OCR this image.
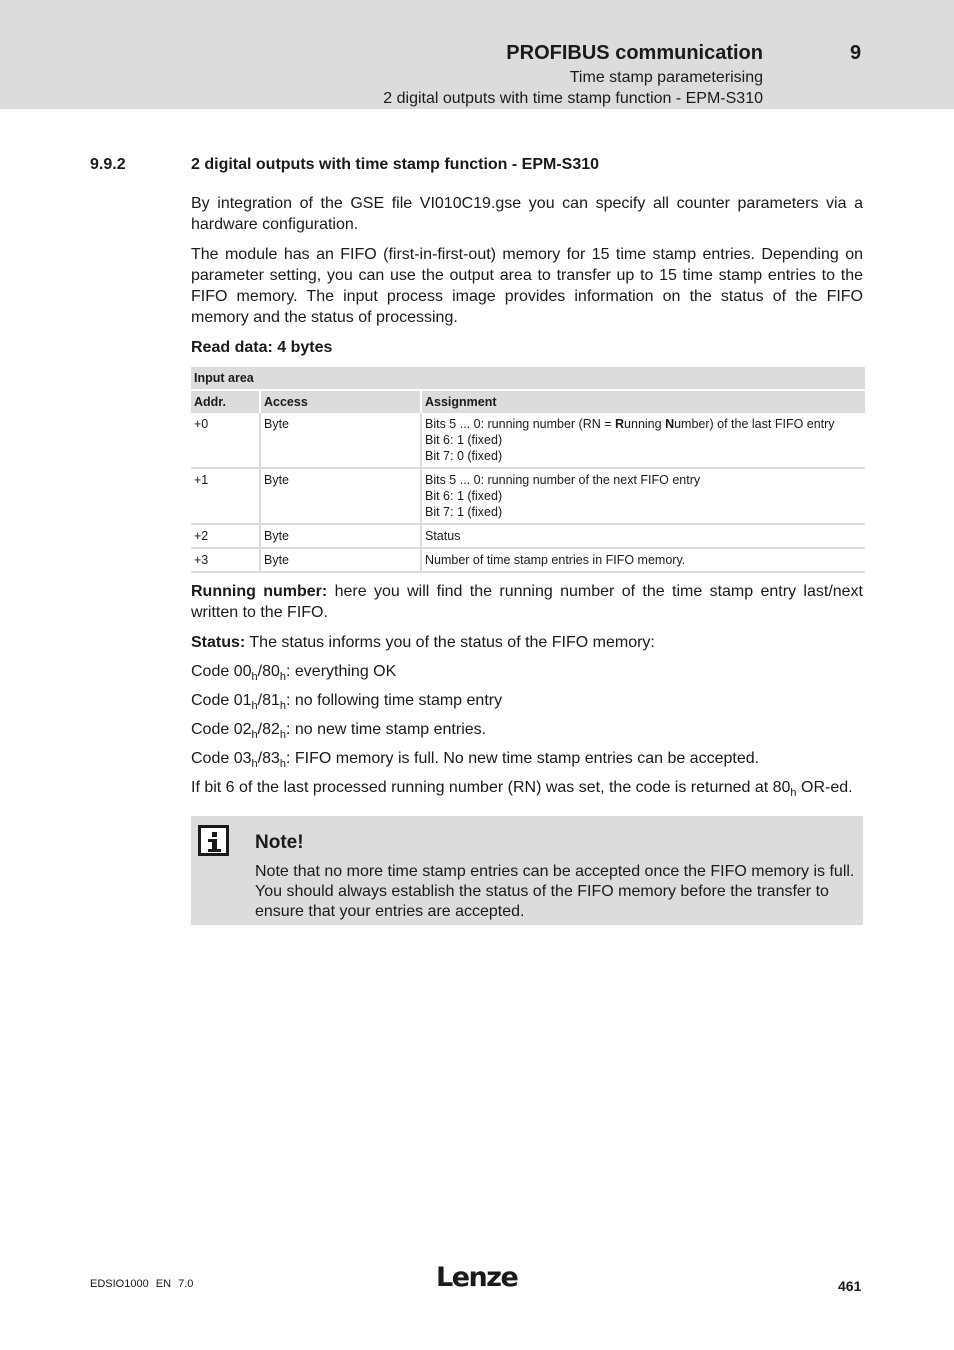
PROFIBUS communication	9
Time stamp parameterising
2 digital outputs with time stamp function - EPM-S310
9.9.2	2 digital outputs with time stamp function - EPM-S310

By integration of the GSE file VI010C19.gse you can specify all counter parameters via a hardware configuration.

The module has an FIFO (first-in-first-out) memory for 15 time stamp entries. Depending on parameter setting, you can use the output area to transfer up to 15 time stamp entries to the FIFO memory. The input process image provides information on the status of the FIFO memory and the status of processing.

Read data: 4 bytes
Input area		
Addr.	Access	Assignment
+0	Byte	Bits 5 ... 0: running number (RN = Running Number) of the last FIFO entry
Bit 6: 1 (fixed)
Bit 7: 0 (fixed)

+1	Byte	Bits 5 ... 0: running number of the next FIFO entry
Bit 6: 1 (fixed)
Bit 7: 1 (fixed)

+2	Byte	Status
+3	Byte	Number of time stamp entries in FIFO memory.

Running number: here you will find the running number of the time stamp entry last/next written to the FIFO.

Status: The status informs you of the status of the FIFO memory:

Code $00_h/80_h$: everything OK

Code $01_h/81_h$: no following time stamp entry

Code $02_h/82_h$: no new time stamp entries.

Code $03_h/83_h$: FIFO memory is full. No new time stamp entries can be accepted.

If bit 6 of the last processed running number (RN) was set, the code is returned at $80_h$ OR-ed.

Note!
Note that no more time stamp entries can be accepted once the FIFO memory is full. You should always establish the status of the FIFO memory before the transfer to ensure that your entries are accepted.
EDSIO1000 EN 7.0	Lenze	461
